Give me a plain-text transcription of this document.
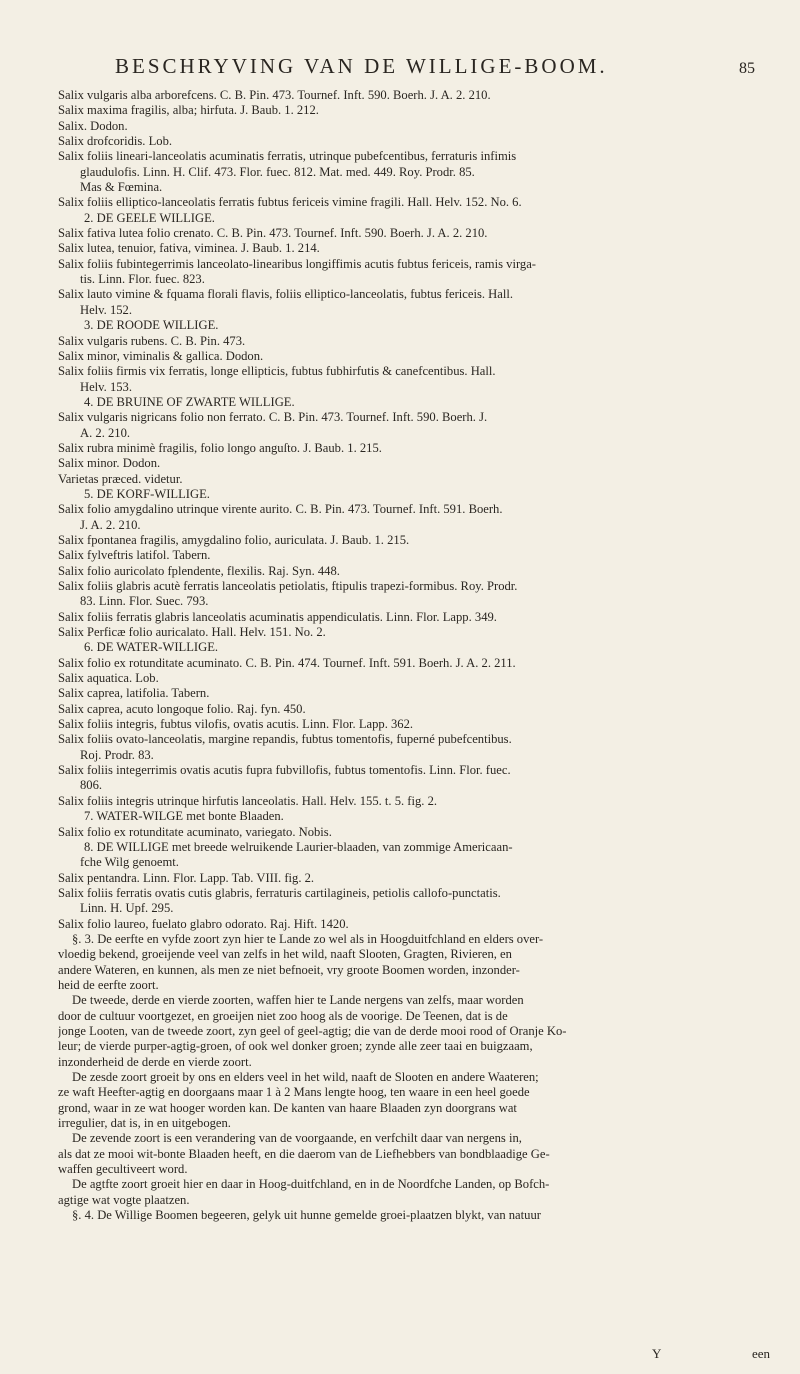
BESCHRYVING VAN DE WILLIGE-BOOM.	85
Salix vulgaris alba arborefcens. C. B. Pin. 473. Tournef. Inft. 590. Boerh. J. A. 2. 210.
Salix maxima fragilis, alba; hirfuta. J. Baub. 1. 212.
Salix. Dodon.
Salix drofcoridis. Lob.
Salix foliis lineari-lanceolatis acuminatis ferratis, utrinque pubefcentibus, ferraturis infimis
glaudulofis. Linn. H. Clif. 473. Flor. fuec. 812. Mat. med. 449. Roy. Prodr. 85.
Mas & Fœmina.
Salix foliis elliptico-lanceolatis ferratis fubtus fericeis vimine fragili. Hall. Helv. 152. No. 6.
2. DE GEELE WILLIGE.
Salix fativa lutea folio crenato. C. B. Pin. 473. Tournef. Inft. 590. Boerh. J. A. 2. 210.
Salix lutea, tenuior, fativa, viminea. J. Baub. 1. 214.
Salix foliis fubintegerrimis lanceolato-linearibus longiffimis acutis fubtus fericeis, ramis virga-
tis. Linn. Flor. fuec. 823.
Salix lauto vimine & fquama florali flavis, foliis elliptico-lanceolatis, fubtus fericeis. Hall.
Helv. 152.
3. DE ROODE WILLIGE.
Salix vulgaris rubens. C. B. Pin. 473.
Salix minor, viminalis & gallica. Dodon.
Salix foliis firmis vix ferratis, longe ellipticis, fubtus fubhirfutis & canefcentibus. Hall.
Helv. 153.
4. DE BRUINE OF ZWARTE WILLIGE.
Salix vulgaris nigricans folio non ferrato. C. B. Pin. 473. Tournef. Inft. 590. Boerh. J.
A. 2. 210.
Salix rubra minimè fragilis, folio longo anguſto. J. Baub. 1. 215.
Salix minor. Dodon.
Varietas præced. videtur.
5. DE KORF-WILLIGE.
Salix folio amygdalino utrinque virente aurito. C. B. Pin. 473. Tournef. Inft. 591. Boerh.
J. A. 2. 210.
Salix fpontanea fragilis, amygdalino folio, auriculata. J. Baub. 1. 215.
Salix fylveftris latifol. Tabern.
Salix folio auricolato fplendente, flexilis. Raj. Syn. 448.
Salix foliis glabris acutè ferratis lanceolatis petiolatis, ftipulis trapezi-formibus. Roy. Prodr.
83. Linn. Flor. Suec. 793.
Salix foliis ferratis glabris lanceolatis acuminatis appendiculatis. Linn. Flor. Lapp. 349.
Salix Perficæ folio auricalato. Hall. Helv. 151. No. 2.
6. DE WATER-WILLIGE.
Salix folio ex rotunditate acuminato. C. B. Pin. 474. Tournef. Inft. 591. Boerh. J. A. 2. 211.
Salix aquatica. Lob.
Salix caprea, latifolia. Tabern.
Salix caprea, acuto longoque folio. Raj. fyn. 450.
Salix foliis integris, fubtus vilofis, ovatis acutis. Linn. Flor. Lapp. 362.
Salix foliis ovato-lanceolatis, margine repandis, fubtus tomentofis, fuperné pubefcentibus.
Roj. Prodr. 83.
Salix foliis integerrimis ovatis acutis fupra fubvillofis, fubtus tomentofis. Linn. Flor. fuec.
806.
Salix foliis integris utrinque hirfutis lanceolatis. Hall. Helv. 155. t. 5. fig. 2.
7. WATER-WILGE met bonte Blaaden.
Salix folio ex rotunditate acuminato, variegato. Nobis.
8. DE WILLIGE met breede welruikende Laurier-blaaden, van zommige Americaan-
fche Wilg genoemt.
Salix pentandra. Linn. Flor. Lapp. Tab. VIII. fig. 2.
Salix foliis ferratis ovatis cutis glabris, ferraturis cartilagineis, petiolis callofo-punctatis.
Linn. H. Upf. 295.
Salix folio laureo, fuelato glabro odorato. Raj. Hift. 1420.
§. 3. De eerfte en vyfde zoort zyn hier te Lande zo wel als in Hoogduitfchland en elders over-
vloedig bekend, groeijende veel van zelfs in het wild, naaft Slooten, Gragten, Rivieren, en
andere Wateren, en kunnen, als men ze niet befnoeit, vry groote Boomen worden, inzonder-
heid de eerfte zoort.
De tweede, derde en vierde zoorten, waffen hier te Lande nergens van zelfs, maar worden
door de cultuur voortgezet, en groeijen niet zoo hoog als de voorige. De Teenen, dat is de
jonge Looten, van de tweede zoort, zyn geel of geel-agtig; die van de derde mooi rood of Oranje Ko-
leur; de vierde purper-agtig-groen, of ook wel donker groen; zynde alle zeer taai en buigzaam,
inzonderheid de derde en vierde zoort.
De zesde zoort groeit by ons en elders veel in het wild, naaft de Slooten en andere Waateren;
ze waft Heefter-agtig en doorgaans maar 1 à 2 Mans lengte hoog, ten waare in een heel goede
grond, waar in ze wat hooger worden kan. De kanten van haare Blaaden zyn doorgrans wat
irregulier, dat is, in en uitgebogen.
De zevende zoort is een verandering van de voorgaande, en verfchilt daar van nergens in,
als dat ze mooi wit-bonte Blaaden heeft, en die daerom van de Liefhebbers van bondblaadige Ge-
waffen gecultiveert word.
De agtfte zoort groeit hier en daar in Hoog-duitfchland, en in de Noordfche Landen, op Bofch-
agtige wat vogte plaatzen.
§. 4. De Willige Boomen begeeren, gelyk uit hunne gemelde groei-plaatzen blykt, van natuur
Y	een
